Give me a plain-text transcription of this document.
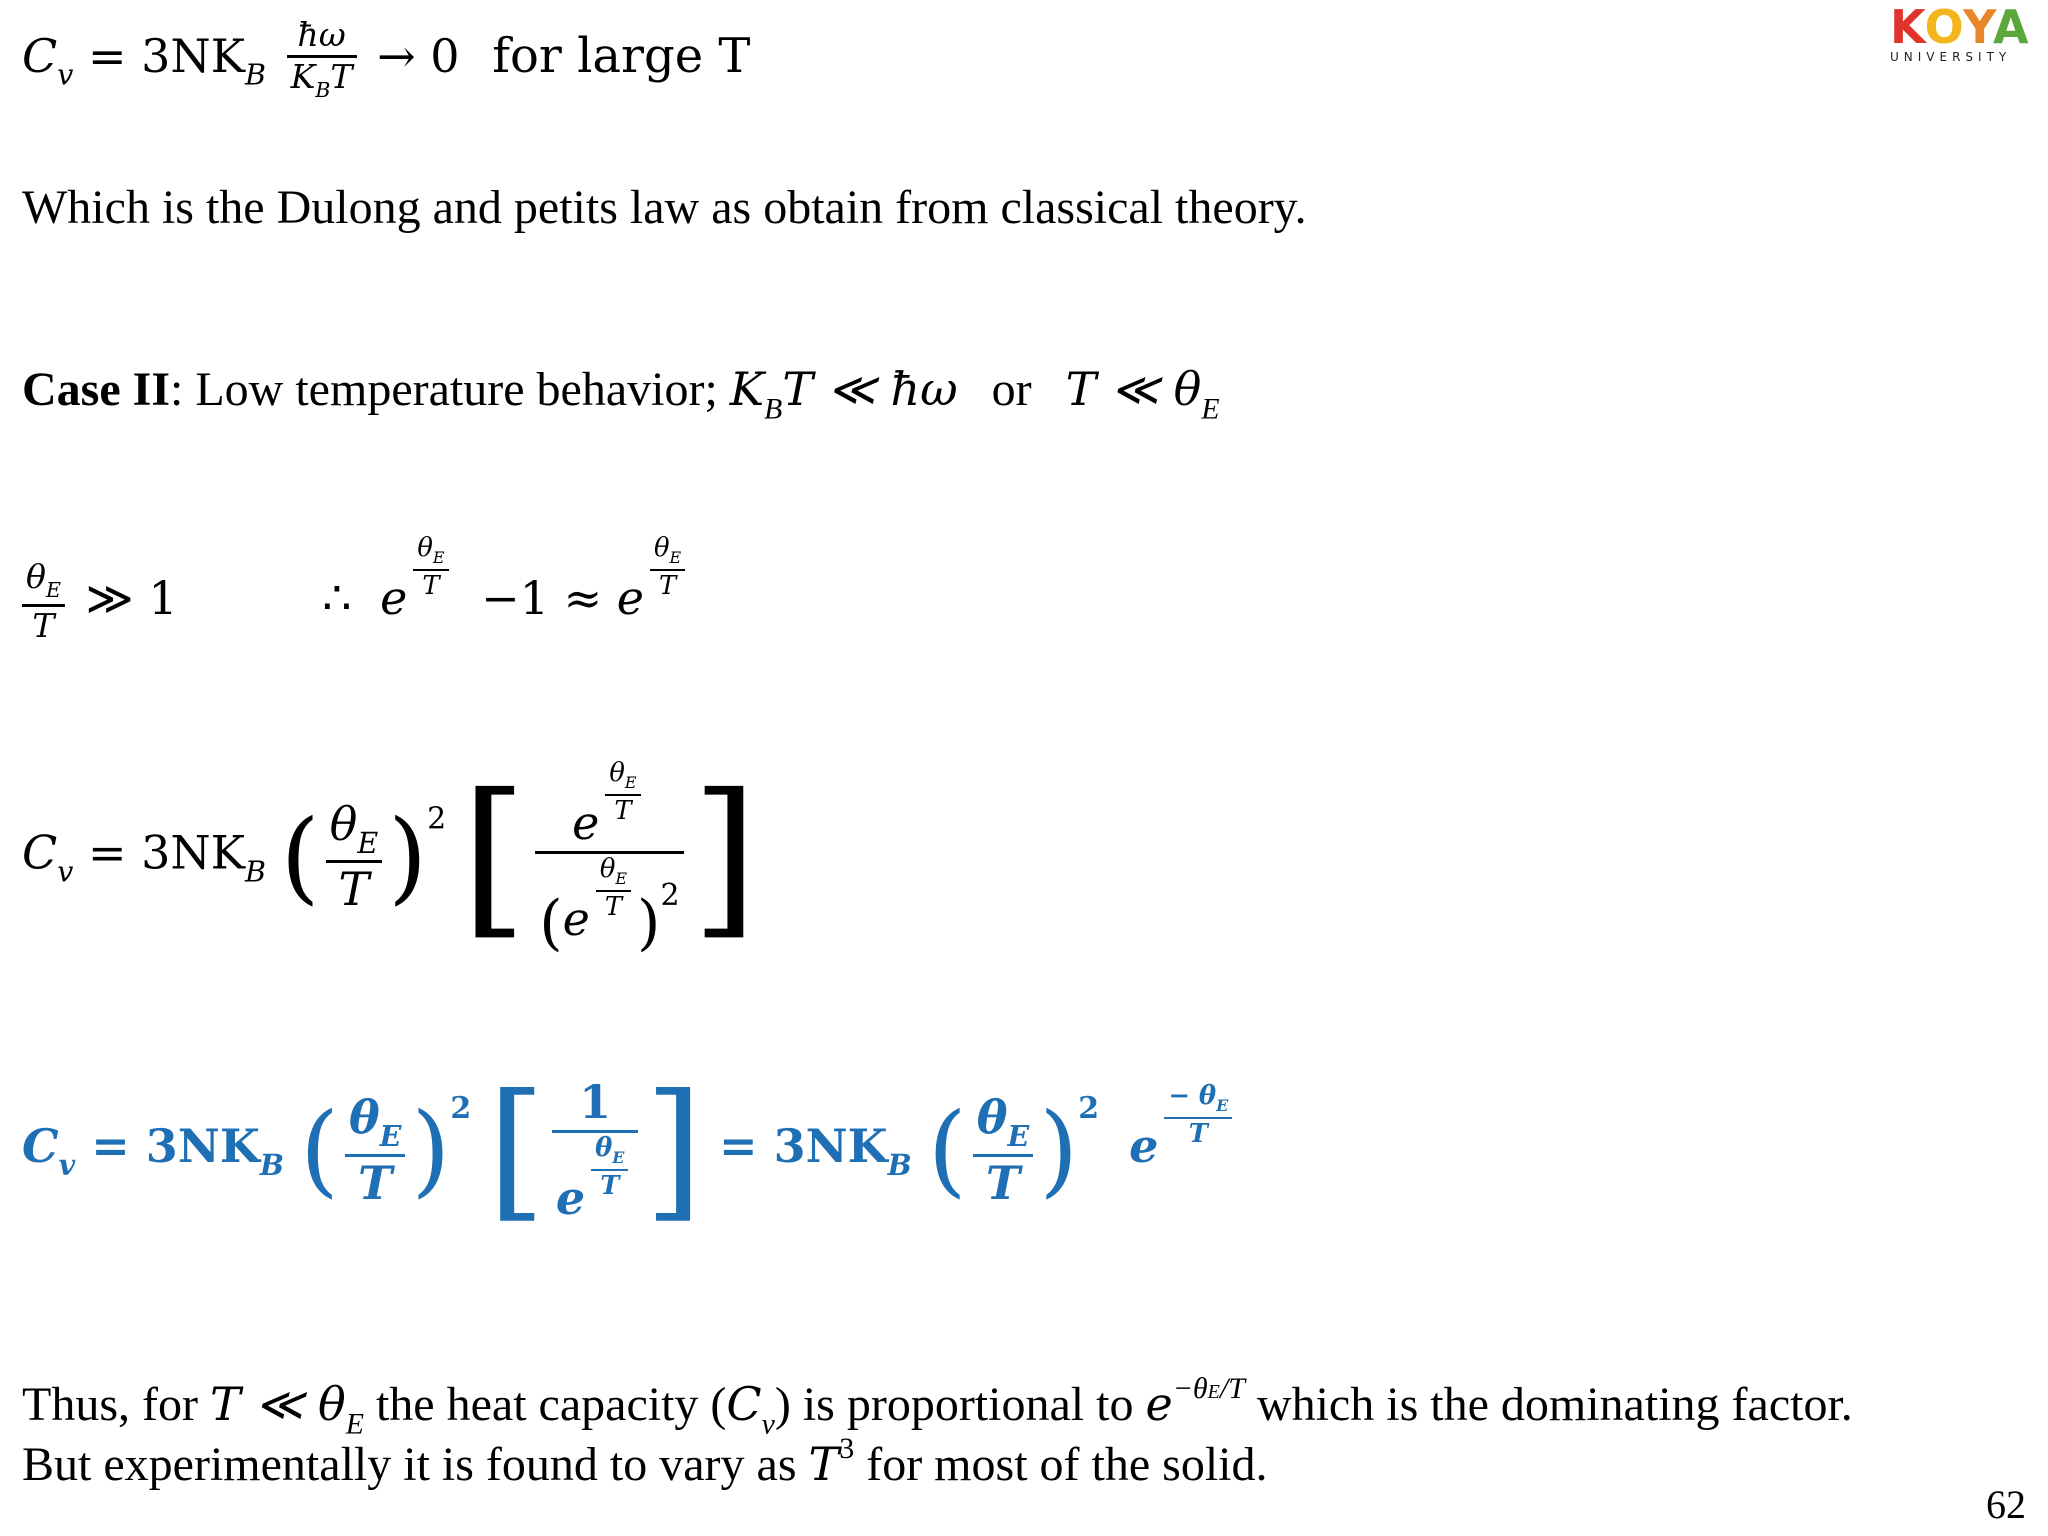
KOYA
UNIVERSITY
$C_v = 3NK_B \frac{ħ\omega}{K_BT} \to 0$ for large T
Which is the Dulong and petits law as obtain from classical theory.
Case II: Low temperature behavior; $K_BT$ ≪ ħω or T ≪ $\theta_E$
$\frac{\theta_E}{T}$ ≫ 1	∴ e $\frac{\theta_E}{T} -1 \approx e \frac{\theta_E}{T}$
$C_v = 3NK_B$ ( $\frac{\theta_E}{T} )^2$ [ $\frac{e \frac{\theta_E}{T}}{(e \frac{\theta_E}{T} )^2}$ ]
$C_v = 3NK_B$ ( $\frac{\theta_E}{T} )^2$ [ $\frac{1}{e \frac{\theta_E}{T}}$ ] = $3NK_B$ ( $\frac{\theta_E}{T} )^2$ e $\frac{- \theta_E}{T}$
Thus, for T ≪ $\theta_E$ the heat capacity $(C_v)$ is proportional to $e^{-\theta E/T}$ which is the dominating factor.
But experimentally it is found to vary as $T^3$ for most of the solid.
62
